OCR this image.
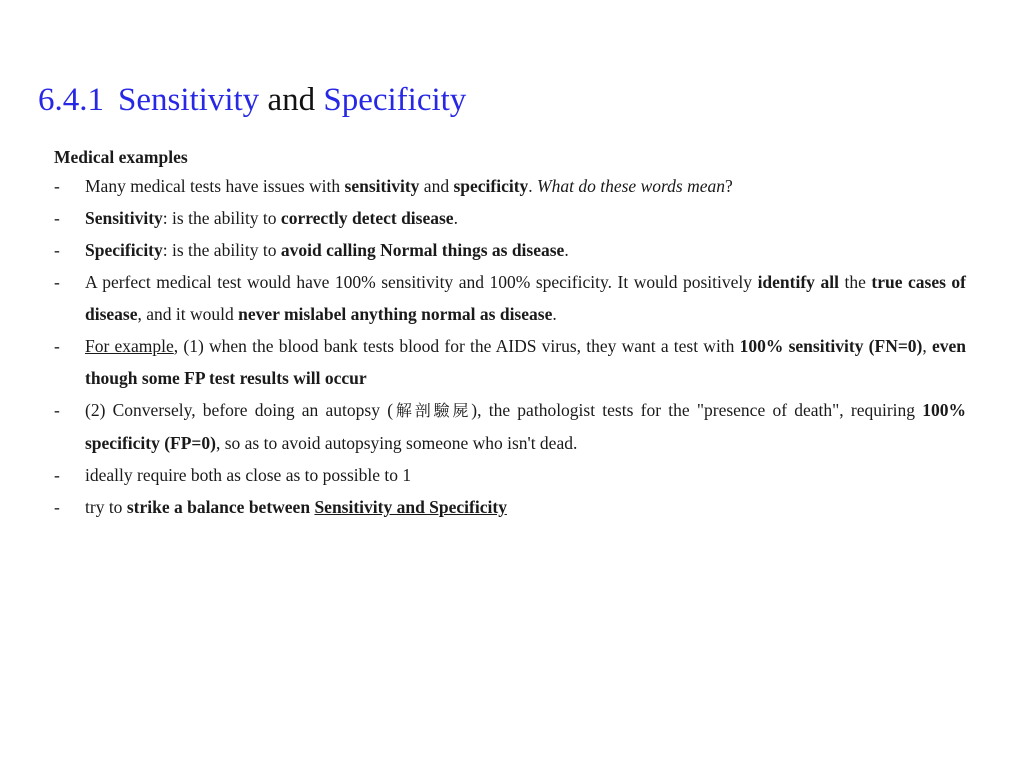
6.4.1 Sensitivity and Specificity
Medical examples
- Many medical tests have issues with sensitivity and specificity. What do these words mean?
- Sensitivity: is the ability to correctly detect disease.
- Specificity: is the ability to avoid calling Normal things as disease.
- A perfect medical test would have 100% sensitivity and 100% specificity. It would positively identify all the true cases of disease, and it would never mislabel anything normal as disease.
- For example, (1) when the blood bank tests blood for the AIDS virus, they want a test with 100% sensitivity (FN=0), even though some FP test results will occur
- (2) Conversely, before doing an autopsy (解剖驗屍), the pathologist tests for the "presence of death", requiring 100% specificity (FP=0), so as to avoid autopsying someone who isn't dead.
- ideally require both as close as to possible to 1
- try to strike a balance between Sensitivity and Specificity
